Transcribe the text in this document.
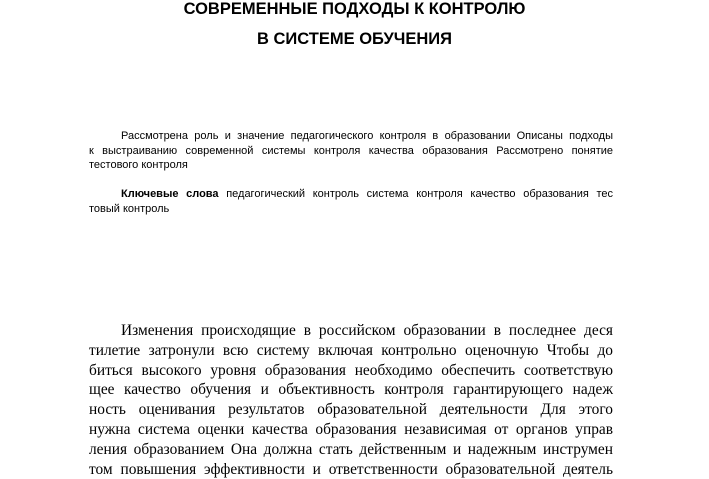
СОВРЕМЕННЫЕ ПОДХОДЫ К КОНТРОЛЮ
В СИСТЕМЕ ОБУЧЕНИЯ
Рассмотрена роль и значение педагогического контроля в образовании Описаны подходы
к выстраиванию современной системы контроля качества образования Рассмотрено понятие
тестового контроля
Ключевые слова педагогический контроль система контроля качество образования тес
товый контроль
Изменения происходящие в российском образовании в последнее деся
тилетие затронули всю систему включая контрольно оценочную Чтобы до
биться высокого уровня образования необходимо обеспечить соответствую
щее качество обучения и объективность контроля гарантирующего надеж
ность оценивания результатов образовательной деятельности Для этого
нужна система оценки качества образования независимая от органов управ
ления образованием Она должна стать действенным и надежным инструмен
том повышения эффективности и ответственности образовательной деятель
